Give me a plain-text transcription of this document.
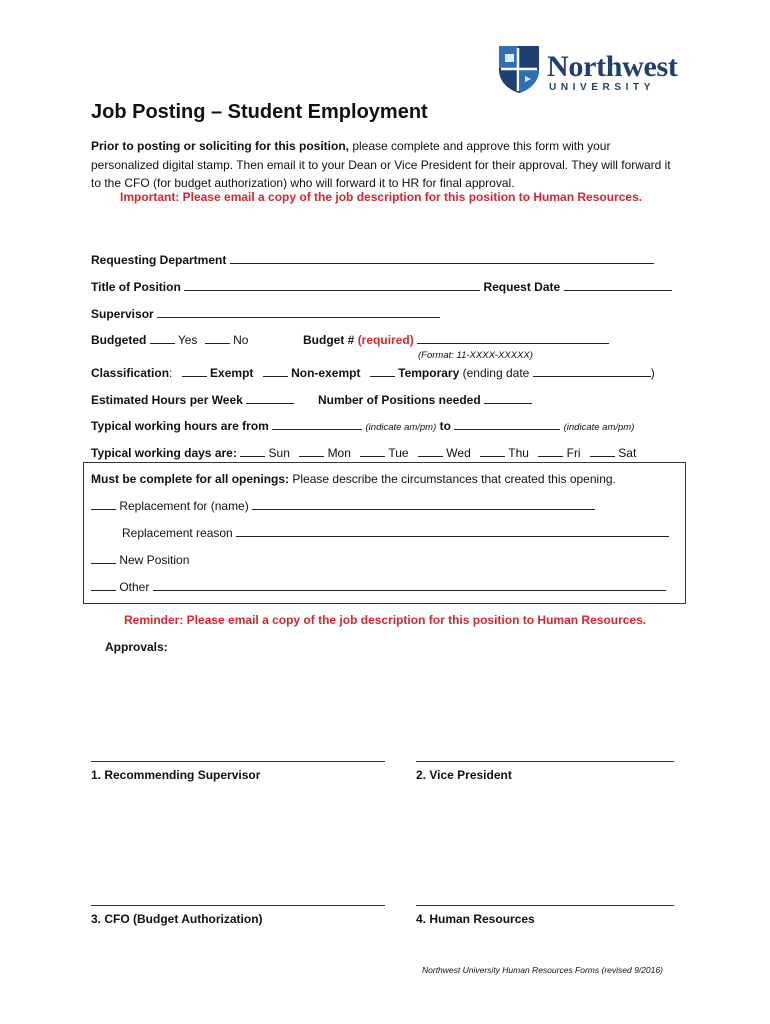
Northwest
UNIVERSITY
Job Posting – Student Employment
Prior to posting or soliciting for this position, please complete and approve this form with your personalized digital stamp. Then email it to your Dean or Vice President for their approval. They will forward it to the CFO (for budget authorization) who will forward it to HR for final approval.
Important: Please email a copy of the job description for this position to Human Resources.
Requesting Department
Title of Position	Request Date
Supervisor
Budgeted	Yes	No	Budget # (required)
(Format: 11-XXXX-XXXXX)
Classification:	Exempt	Non-exempt	Temporary (ending date	)
Estimated Hours per Week	Number of Positions needed
Typical working hours are from	(indicate am/pm) to	(indicate am/pm)
Typical working days are:	Sun	Mon	Tue	Wed	Thu	Fri	Sat
Must be complete for all openings: Please describe the circumstances that created this opening.
Replacement for (name)
Replacement reason
New Position
Other
Reminder: Please email a copy of the job description for this position to Human Resources.
Approvals:
1. Recommending Supervisor	2. Vice President
3. CFO (Budget Authorization)	4. Human Resources
Northwest University Human Resources Forms (revised 9/2016)
